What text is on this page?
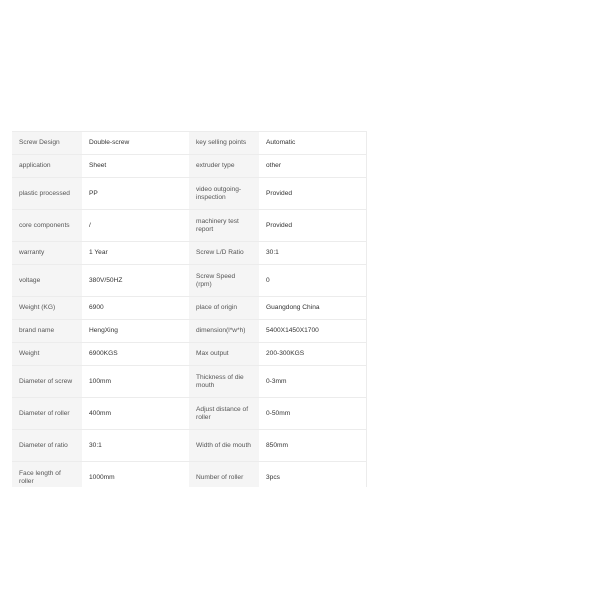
Screw Design	Double-screw	key selling points	Automatic
application	Sheet	extruder type	other
plastic processed	PP	video outgoing-inspection	Provided
core components	/	machinery test report	Provided
warranty	1 Year	Screw L/D Ratio	30:1
voltage	380V/50HZ	Screw Speed (rpm)	0
Weight (KG)	6900	place of origin	Guangdong China
brand name	HengXing	dimension(l*w*h)	5400X1450X1700
Weight	6900KGS	Max output	200-300KGS
Diameter of screw	100mm	Thickness of die mouth	0-3mm
Diameter of roller	400mm	Adjust distance of roller	0-50mm
Diameter of ratio	30:1	Width of die mouth	850mm
Face length of roller	1000mm	Number of roller	3pcs
